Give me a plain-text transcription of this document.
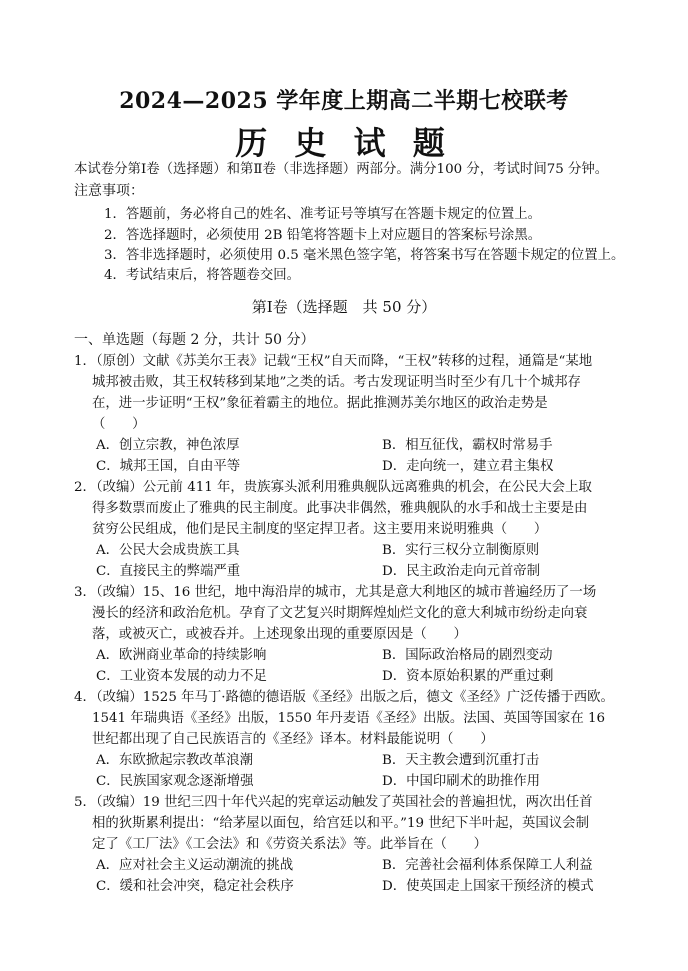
2024—2025 学年度上期高二半期七校联考
历 史 试 题
本试卷分第Ⅰ卷（选择题）和第Ⅱ卷（非选择题）两部分。满分100 分，考试时间75 分钟。
注意事项：
1．答题前，务必将自己的姓名、准考证号等填写在答题卡规定的位置上。
2．答选择题时，必须使用 2B 铅笔将答题卡上对应题目的答案标号涂黑。
3．答非选择题时，必须使用 0.5 毫米黑色签字笔，将答案书写在答题卡规定的位置上。
4．考试结束后，将答题卷交回。
第Ⅰ卷（选择题　共 50 分）
一、单选题（每题 2 分，共计 50 分）
1．（原创）文献《苏美尔王表》记载“王权”自天而降，“王权”转移的过程，通篇是“某地
城邦被击败，其王权转移到某地”之类的话。考古发现证明当时至少有几十个城邦存
在，进一步证明“王权”象征着霸主的地位。据此推测苏美尔地区的政治走势是
（　　）
A．创立宗教，神色浓厚	B．相互征伐，霸权时常易手
C．城邦王国，自由平等	D．走向统一，建立君主集权
2．（改编）公元前 411 年，贵族寡头派利用雅典舰队远离雅典的机会，在公民大会上取
得多数票而废止了雅典的民主制度。此事决非偶然，雅典舰队的水手和战士主要是由
贫穷公民组成，他们是民主制度的坚定捍卫者。这主要用来说明雅典（　　）
A．公民大会成贵族工具	B．实行三权分立制衡原则
C．直接民主的弊端严重	D．民主政治走向元首帝制
3．（改编）15、16 世纪，地中海沿岸的城市，尤其是意大利地区的城市普遍经历了一场
漫长的经济和政治危机。孕育了文艺复兴时期辉煌灿烂文化的意大利城市纷纷走向衰
落，或被灭亡，或被吞并。上述现象出现的重要原因是（　　）
A．欧洲商业革命的持续影响	B．国际政治格局的剧烈变动
C．工业资本发展的动力不足	D．资本原始积累的严重过剩
4．（改编）1525 年马丁·路德的德语版《圣经》出版之后，德文《圣经》广泛传播于西欧。
1541 年瑞典语《圣经》出版，1550 年丹麦语《圣经》出版。法国、英国等国家在 16
世纪都出现了自己民族语言的《圣经》译本。材料最能说明（　　）
A．东欧掀起宗教改革浪潮	B．天主教会遭到沉重打击
C．民族国家观念逐渐增强	D．中国印刷术的助推作用
5．（改编）19 世纪三四十年代兴起的宪章运动触发了英国社会的普遍担忧，两次出任首
相的狄斯累利提出：“给茅屋以面包，给宫廷以和平。”19 世纪下半叶起，英国议会制
定了《工厂法》《工会法》和《劳资关系法》等。此举旨在（　　）
A．应对社会主义运动潮流的挑战	B．完善社会福利体系保障工人利益
C．缓和社会冲突，稳定社会秩序	D．使英国走上国家干预经济的模式
